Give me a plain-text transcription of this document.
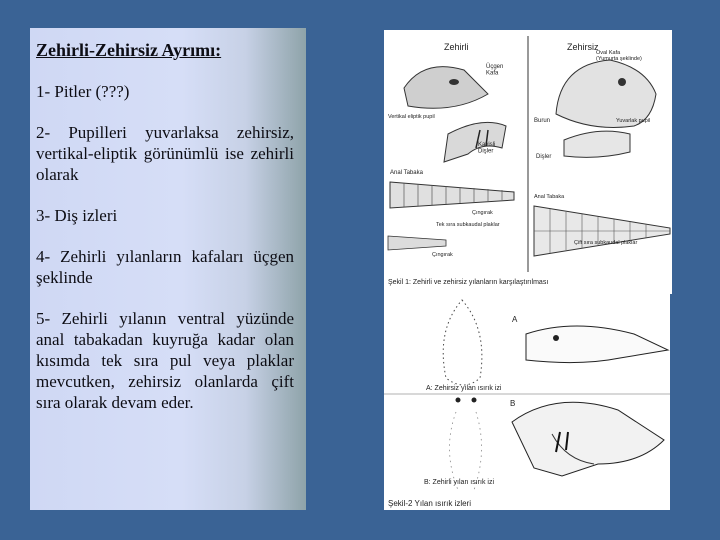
Zehirli-Zehirsiz Ayrımı:
1- Pitler (???)
2- Pupilleri yuvarlaksa zehirsiz, vertikal-eliptik görünümlü ise zehirli olarak
3- Diş izleri
4- Zehirli yılanların kafaları üçgen şeklinde
5- Zehirli yılanın ventral yüzünde anal tabakadan kuyruğa kadar olan kısımda tek sıra pul veya plaklar mevcutken, zehirsiz olanlarda çift sıra olarak devam eder.
Zehirli	Zehirsiz
Üçgen Kafa
Oval Kafa (Yumurta şeklinde)
Vertikal eliptik pupil
Burun	Yuvarlak pupil
Kavisli Dişler
Dişler
Anal Tabaka
Çıngırak
Tek sıra subkaudal plaklar
Anal Tabaka
Çift sıra subkaudal plaklar
Çıngırak
Şekil 1: Zehirli ve zehirsiz yılanların karşılaştırılması
A
A: Zehirsiz yılan ısırık izi
B
B: Zehirli yılan ısırık izi
Şekil-2 Yılan ısırık izleri
